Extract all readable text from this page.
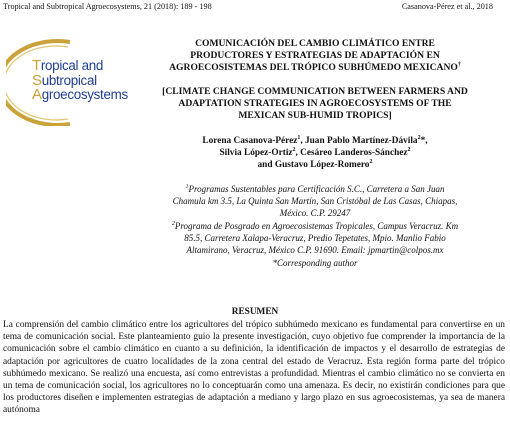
Tropical and Subtropical Agroecosystems, 21 (2018): 189 - 198	Casanova-Pérez et al., 2018
Tropical and
Subtropical
Agroecosystems
COMUNICACIÓN DEL CAMBIO CLIMÁTICO ENTRE
PRODUCTORES Y ESTRATEGIAS DE ADAPTACIÓN EN
AGROECOSISTEMAS DEL TRÓPICO SUBHÚMEDO MEXICANO†
[CLIMATE CHANGE COMMUNICATION BETWEEN FARMERS AND
ADAPTATION STRATEGIES IN AGROECOSYSTEMS OF THE
MEXICAN SUB-HUMID TROPICS]
Lorena Casanova-Pérez$^1$, Juan Pablo Martínez-Dávila$^2$*,
Silvia López-Ortiz$^2$, Cesáreo Landeros-Sánchez$^2$
and Gustavo López-Romero$^2$
$^1$Programas Sustentables para Certificación S.C., Carretera a San Juan
Chamula km 3.5, La Quinta San Martín, San Cristóbal de Las Casas, Chiapas,
México. C.P. 29247
$^2$Programa de Posgrado en Agroecosistemas Tropicales, Campus Veracruz. Km
85.5, Carretera Xalapa-Veracruz, Predio Tepetates, Mpio. Manlio Fabio
Altamirano, Veracruz, México C.P. 91690. Email: jpmartin@colpos.mx
*Corresponding author
RESUMEN
La comprensión del cambio climático entre los agricultores del trópico subhúmedo mexicano es fundamental para convertirse en un tema de comunicación social. Este planteamiento guio la presente investigación, cuyo objetivo fue comprender la importancia de la comunicación sobre el cambio climático en cuanto a su definición, la identificación de impactos y el desarrollo de estrategias de adaptación por agricultores de cuatro localidades de la zona central del estado de Veracruz. Esta región forma parte del trópico subhúmedo mexicano. Se realizó una encuesta, así como entrevistas a profundidad. Mientras el cambio climático no se convierta en un tema de comunicación social, los agricultores no lo conceptuarán como una amenaza. Es decir, no existirán condiciones para que los productores diseñen e implementen estrategias de adaptación a mediano y largo plazo en sus agroecosistemas, ya sea de manera autónoma
